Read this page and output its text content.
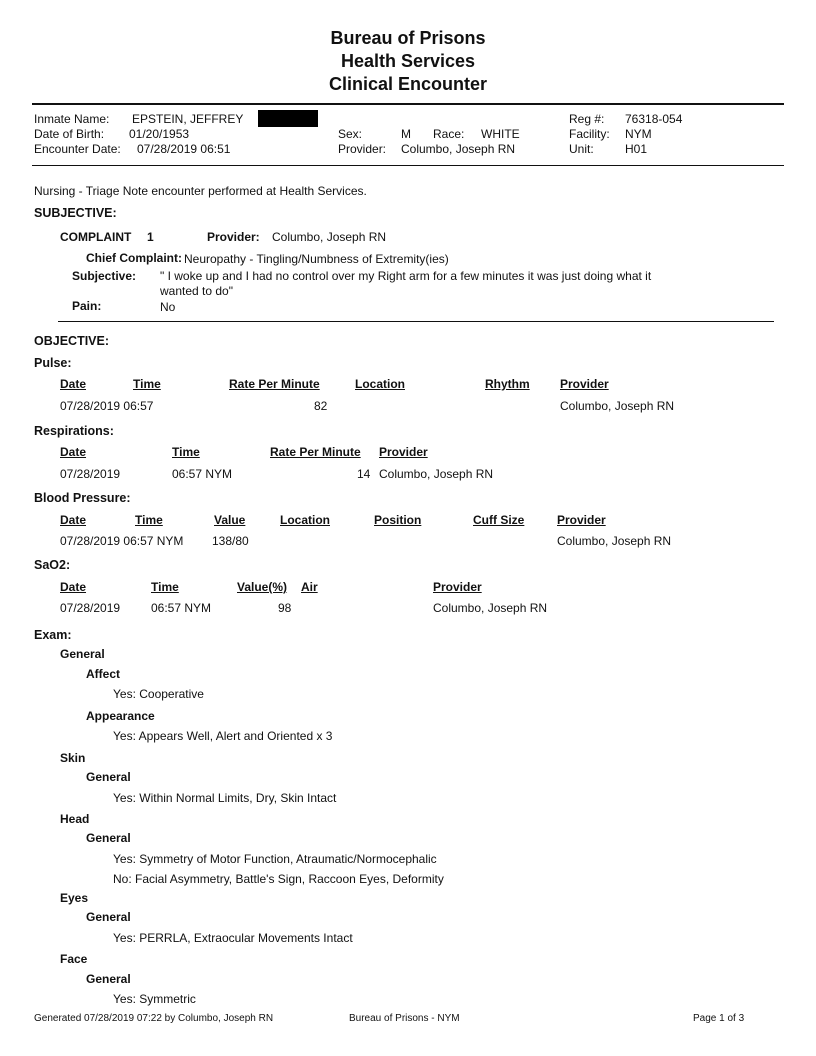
Bureau of Prisons
Health Services
Clinical Encounter
Inmate Name: EPSTEIN, JEFFREY
Date of Birth: 01/20/1953
Encounter Date: 07/28/2019 06:51
Sex:	M Race: WHITE
Provider: Columbo, Joseph RN
Reg #: 76318-054
Facility: NYM
Unit:	H01
Nursing - Triage Note encounter performed at Health Services.
SUBJECTIVE:
COMPLAINT 1	Provider: Columbo, Joseph RN
Chief Complaint: Neuropathy - Tingling/Numbness of Extremity(ies)
Subjective: " I woke up and I had no control over my Right arm for a few minutes it was just doing what it
wanted to do"
Pain:	No
OBJECTIVE:
Pulse:
Date	Time	Rate Per Minute	Location	Rhythm	Provider
07/28/2019 06:57	82	Columbo, Joseph RN
Respirations:
Date	Time	Rate Per Minute Provider
07/28/2019	06:57 NYM	14 Columbo, Joseph RN
Blood Pressure:
Date	Time	Value	Location	Position	Cuff Size	Provider
07/28/2019 06:57 NYM 138/80	Columbo, Joseph RN
SaO2:
Date	Time	Value(%) Air	Provider
07/28/2019	06:57 NYM	98	Columbo, Joseph RN
Exam:
General
Affect
Yes: Cooperative
Appearance
Yes: Appears Well, Alert and Oriented x 3
Skin
General
Yes: Within Normal Limits, Dry, Skin Intact
Head
General
Yes: Symmetry of Motor Function, Atraumatic/Normocephalic
No: Facial Asymmetry, Battle's Sign, Raccoon Eyes, Deformity
Eyes
General
Yes: PERRLA, Extraocular Movements Intact
Face
General
Yes: Symmetric
Generated 07/28/2019 07:22 by Columbo, Joseph RN	Bureau of Prisons - NYM	Page 1 of 3
